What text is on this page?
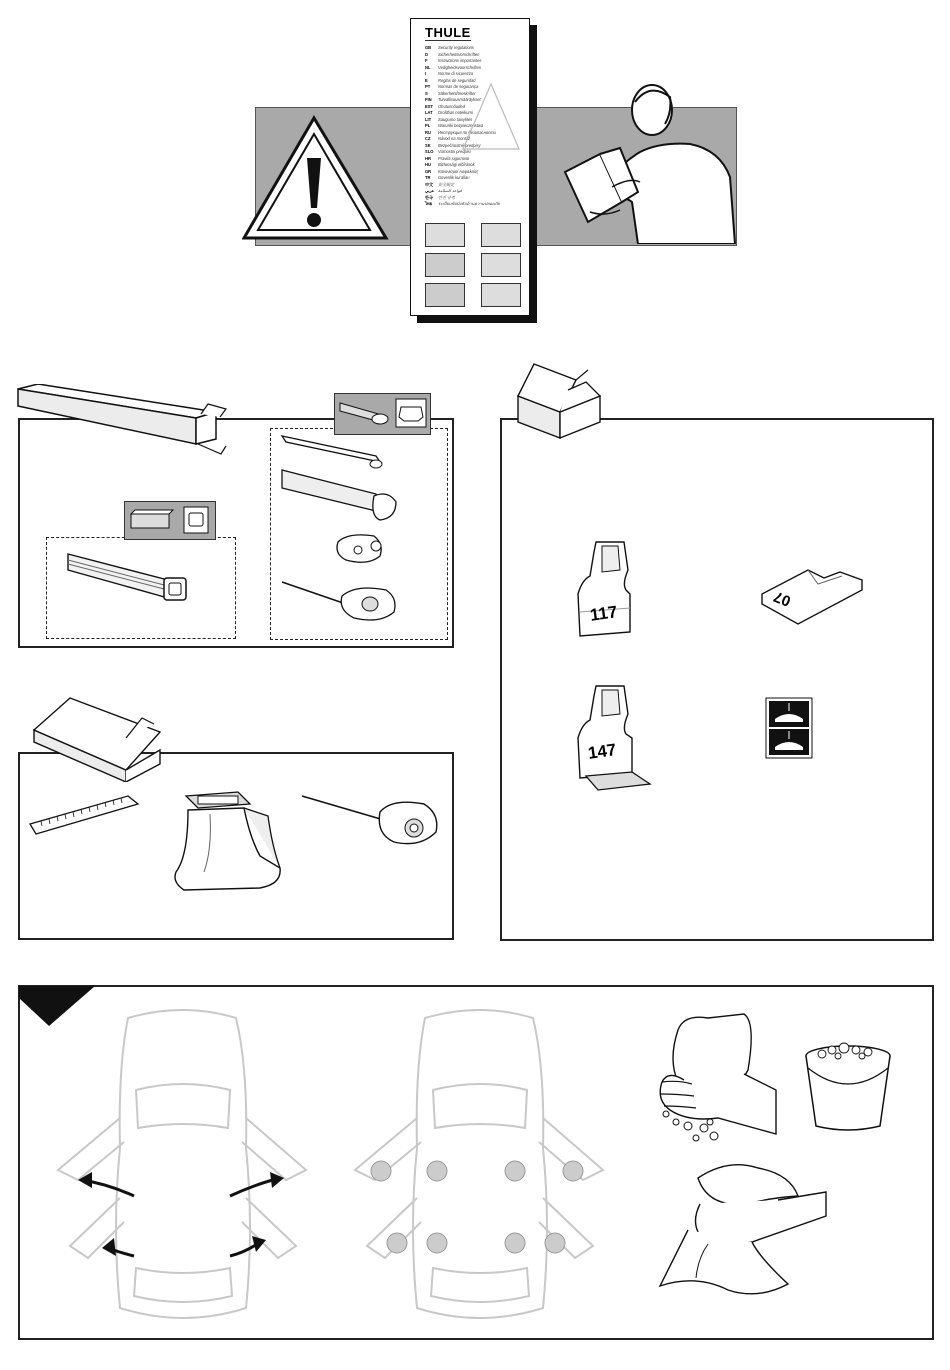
THULE
GB	Security regulations
D	Sicherheitsvorschriften
F	Instructions importantes
NL	Veiligheidsvoorschriften
I	Norme di sicurezza
E	Reglas de seguridad
PT	Normas de segurança
S	Säkerhetsföreskrifter
FIN	Turvallisuusmääräykset
EST	Ohutusnõuded
LAT	Drošības noteikumi
LIT	Saugumo taisyklės
PL	Warunki bezpieczeństwa
RU	Инструкция по безопасности
CZ	Návod na montáž
SK	Bezpečnostné predpisy
SLO	Varnostni predpisi
HR	Pravila sigurnosti
HU	Biztonsági előírások
GR	Κανονισμοί Ασφαλείας
TR	Güvenlik kuralları
中文	安全規定
عربي قواعد السلامة
한국	안전 규정
ไทย	ระเบียบข้อบังคับด้านความปลอดภัย
117
147
07
